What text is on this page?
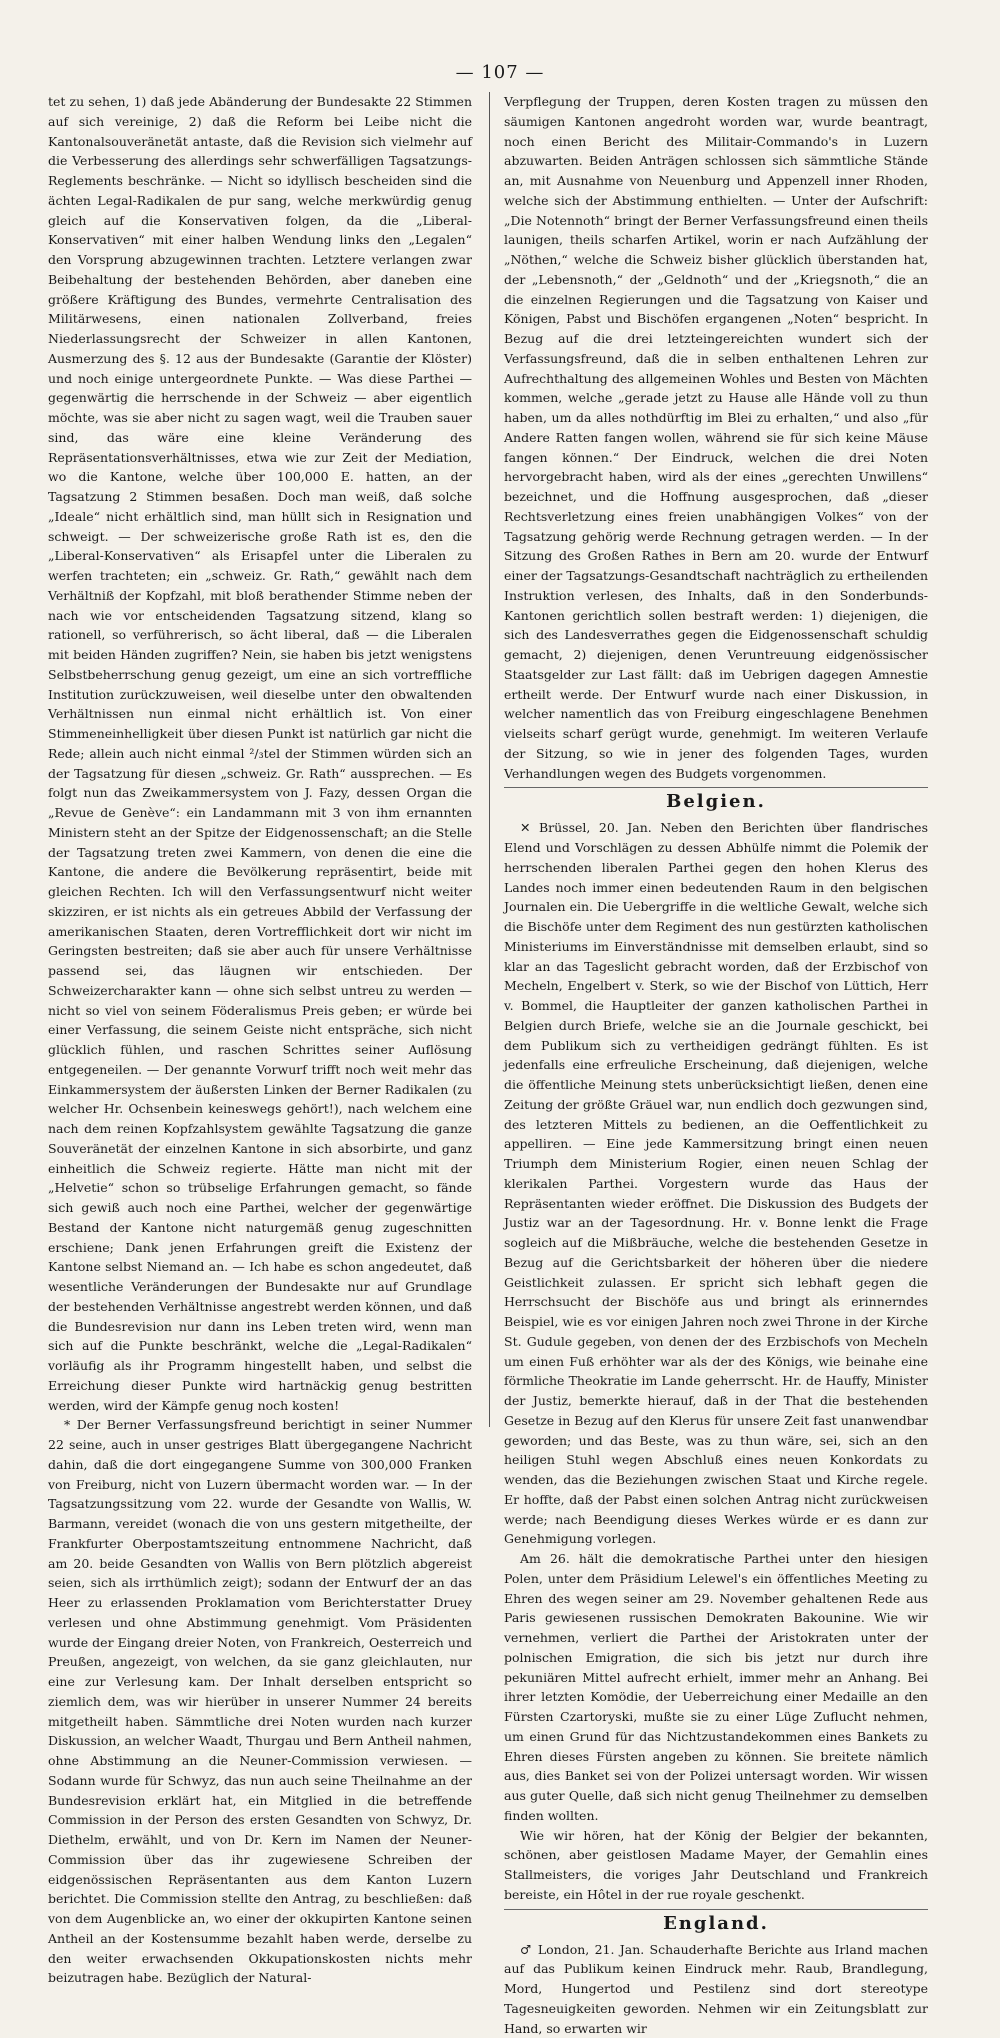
— 107 —

tet zu sehen, 1) daß jede Abänderung der Bundesakte 22 Stimmen auf sich vereinige, 2) daß die Reform bei Leibe nicht die Kantonalsouveränetät antaste, daß die Revision sich vielmehr auf die Verbesserung des allerdings sehr schwerfälligen Tagsatzungs-Reglements beschränke. — Nicht so idyllisch bescheiden sind die ächten Legal-Radikalen de pur sang, welche merkwürdig genug gleich auf die Konservativen folgen, da die „Liberal-Konservativen“ mit einer halben Wendung links den „Legalen“ den Vorsprung abzugewinnen trachten. Letztere verlangen zwar Beibehaltung der bestehenden Behörden, aber daneben eine größere Kräftigung des Bundes, vermehrte Centralisation des Militärwesens, einen nationalen Zollverband, freies Niederlassungsrecht der Schweizer in allen Kantonen, Ausmerzung des §. 12 aus der Bundesakte (Garantie der Klöster) und noch einige untergeordnete Punkte. — Was diese Parthei — gegenwärtig die herrschende in der Schweiz — aber eigentlich möchte, was sie aber nicht zu sagen wagt, weil die Trauben sauer sind, das wäre eine kleine Veränderung des Repräsentationsverhältnisses, etwa wie zur Zeit der Mediation, wo die Kantone, welche über 100,000 E. hatten, an der Tagsatzung 2 Stimmen besaßen. Doch man weiß, daß solche „Ideale“ nicht erhältlich sind, man hüllt sich in Resignation und schweigt. — Der schweizerische große Rath ist es, den die „Liberal-Konservativen“ als Erisapfel unter die Liberalen zu werfen trachteten; ein „schweiz. Gr. Rath,“ gewählt nach dem Verhältniß der Kopfzahl, mit bloß berathender Stimme neben der nach wie vor entscheidenden Tagsatzung sitzend, klang so rationell, so verführerisch, so ächt liberal, daß — die Liberalen mit beiden Händen zugriffen? Nein, sie haben bis jetzt wenigstens Selbstbeherrschung genug gezeigt, um eine an sich vortreffliche Institution zurückzuweisen, weil dieselbe unter den obwaltenden Verhältnissen nun einmal nicht erhältlich ist. Von einer Stimmeneinhelligkeit über diesen Punkt ist natürlich gar nicht die Rede; allein auch nicht einmal ²/₃tel der Stimmen würden sich an der Tagsatzung für diesen „schweiz. Gr. Rath“ aussprechen. — Es folgt nun das Zweikammersystem von J. Fazy, dessen Organ die „Revue de Genève“: ein Landammann mit 3 von ihm ernannten Ministern steht an der Spitze der Eidgenossenschaft; an die Stelle der Tagsatzung treten zwei Kammern, von denen die eine die Kantone, die andere die Bevölkerung repräsentirt, beide mit gleichen Rechten. Ich will den Verfassungsentwurf nicht weiter skizziren, er ist nichts als ein getreues Abbild der Verfassung der amerikanischen Staaten, deren Vortrefflichkeit dort wir nicht im Geringsten bestreiten; daß sie aber auch für unsere Verhältnisse passend sei, das läugnen wir entschieden. Der Schweizercharakter kann — ohne sich selbst untreu zu werden — nicht so viel von seinem Föderalismus Preis geben; er würde bei einer Verfassung, die seinem Geiste nicht entspräche, sich nicht glücklich fühlen, und raschen Schrittes seiner Auflösung entgegeneilen. — Der genannte Vorwurf trifft noch weit mehr das Einkammersystem der äußersten Linken der Berner Radikalen (zu welcher Hr. Ochsenbein keineswegs gehört!), nach welchem eine nach dem reinen Kopfzahlsystem gewählte Tagsatzung die ganze Souveränetät der einzelnen Kantone in sich absorbirte, und ganz einheitlich die Schweiz regierte. Hätte man nicht mit der „Helvetie“ schon so trübselige Erfahrungen gemacht, so fände sich gewiß auch noch eine Parthei, welcher der gegenwärtige Bestand der Kantone nicht naturgemäß genug zugeschnitten erschiene; Dank jenen Erfahrungen greift die Existenz der Kantone selbst Niemand an. — Ich habe es schon angedeutet, daß wesentliche Veränderungen der Bundesakte nur auf Grundlage der bestehenden Verhältnisse angestrebt werden können, und daß die Bundesrevision nur dann ins Leben treten wird, wenn man sich auf die Punkte beschränkt, welche die „Legal-Radikalen“ vorläufig als ihr Programm hingestellt haben, und selbst die Erreichung dieser Punkte wird hartnäckig genug bestritten werden, wird der Kämpfe genug noch kosten!

* Der Berner Verfassungsfreund berichtigt in seiner Nummer 22 seine, auch in unser gestriges Blatt übergegangene Nachricht dahin, daß die dort eingegangene Summe von 300,000 Franken von Freiburg, nicht von Luzern übermacht worden war. — In der Tagsatzungssitzung vom 22. wurde der Gesandte von Wallis, W. Barmann, vereidet (wonach die von uns gestern mitgetheilte, der Frankfurter Oberpostamtszeitung entnommene Nachricht, daß am 20. beide Gesandten von Wallis von Bern plötzlich abgereist seien, sich als irrthümlich zeigt); sodann der Entwurf der an das Heer zu erlassenden Proklamation vom Berichterstatter Druey verlesen und ohne Abstimmung genehmigt. Vom Präsidenten wurde der Eingang dreier Noten, von Frankreich, Oesterreich und Preußen, angezeigt, von welchen, da sie ganz gleichlauten, nur eine zur Verlesung kam. Der Inhalt derselben entspricht so ziemlich dem, was wir hierüber in unserer Nummer 24 bereits mitgetheilt haben. Sämmtliche drei Noten wurden nach kurzer Diskussion, an welcher Waadt, Thurgau und Bern Antheil nahmen, ohne Abstimmung an die Neuner-Commission verwiesen. — Sodann wurde für Schwyz, das nun auch seine Theilnahme an der Bundesrevision erklärt hat, ein Mitglied in die betreffende Commission in der Person des ersten Gesandten von Schwyz, Dr. Diethelm, erwählt, und von Dr. Kern im Namen der Neuner-Commission über das ihr zugewiesene Schreiben der eidgenössischen Repräsentanten aus dem Kanton Luzern berichtet. Die Commission stellte den Antrag, zu beschließen: daß von dem Augenblicke an, wo einer der okkupirten Kantone seinen Antheil an der Kostensumme bezahlt haben werde, derselbe zu den weiter erwachsenden Okkupationskosten nichts mehr beizutragen habe. Bezüglich der Natural-

Verpflegung der Truppen, deren Kosten tragen zu müssen den säumigen Kantonen angedroht worden war, wurde beantragt, noch einen Bericht des Militair-Commando's in Luzern abzuwarten. Beiden Anträgen schlossen sich sämmtliche Stände an, mit Ausnahme von Neuenburg und Appenzell inner Rhoden, welche sich der Abstimmung enthielten. — Unter der Aufschrift: „Die Notennoth“ bringt der Berner Verfassungsfreund einen theils launigen, theils scharfen Artikel, worin er nach Aufzählung der „Nöthen,“ welche die Schweiz bisher glücklich überstanden hat, der „Lebensnoth,“ der „Geldnoth“ und der „Kriegsnoth,“ die an die einzelnen Regierungen und die Tagsatzung von Kaiser und Königen, Pabst und Bischöfen ergangenen „Noten“ bespricht. In Bezug auf die drei letzteingereichten wundert sich der Verfassungsfreund, daß die in selben enthaltenen Lehren zur Aufrechthaltung des allgemeinen Wohles und Besten von Mächten kommen, welche „gerade jetzt zu Hause alle Hände voll zu thun haben, um da alles nothdürftig im Blei zu erhalten,“ und also „für Andere Ratten fangen wollen, während sie für sich keine Mäuse fangen können.“ Der Eindruck, welchen die drei Noten hervorgebracht haben, wird als der eines „gerechten Unwillens“ bezeichnet, und die Hoffnung ausgesprochen, daß „dieser Rechtsverletzung eines freien unabhängigen Volkes“ von der Tagsatzung gehörig werde Rechnung getragen werden. — In der Sitzung des Großen Rathes in Bern am 20. wurde der Entwurf einer der Tagsatzungs-Gesandtschaft nachträglich zu ertheilenden Instruktion verlesen, des Inhalts, daß in den Sonderbunds-Kantonen gerichtlich sollen bestraft werden: 1) diejenigen, die sich des Landesverrathes gegen die Eidgenossenschaft schuldig gemacht, 2) diejenigen, denen Veruntreuung eidgenössischer Staatsgelder zur Last fällt: daß im Uebrigen dagegen Amnestie ertheilt werde. Der Entwurf wurde nach einer Diskussion, in welcher namentlich das von Freiburg eingeschlagene Benehmen vielseits scharf gerügt wurde, genehmigt. Im weiteren Verlaufe der Sitzung, so wie in jener des folgenden Tages, wurden Verhandlungen wegen des Budgets vorgenommen.

Belgien.

✕ Brüssel, 20. Jan. Neben den Berichten über flandrisches Elend und Vorschlägen zu dessen Abhülfe nimmt die Polemik der herrschenden liberalen Parthei gegen den hohen Klerus des Landes noch immer einen bedeutenden Raum in den belgischen Journalen ein. Die Uebergriffe in die weltliche Gewalt, welche sich die Bischöfe unter dem Regiment des nun gestürzten katholischen Ministeriums im Einverständnisse mit demselben erlaubt, sind so klar an das Tageslicht gebracht worden, daß der Erzbischof von Mecheln, Engelbert v. Sterk, so wie der Bischof von Lüttich, Herr v. Bommel, die Hauptleiter der ganzen katholischen Parthei in Belgien durch Briefe, welche sie an die Journale geschickt, bei dem Publikum sich zu vertheidigen gedrängt fühlten. Es ist jedenfalls eine erfreuliche Erscheinung, daß diejenigen, welche die öffentliche Meinung stets unberücksichtigt ließen, denen eine Zeitung der größte Gräuel war, nun endlich doch gezwungen sind, des letzteren Mittels zu bedienen, an die Oeffentlichkeit zu appelliren. — Eine jede Kammersitzung bringt einen neuen Triumph dem Ministerium Rogier, einen neuen Schlag der klerikalen Parthei. Vorgestern wurde das Haus der Repräsentanten wieder eröffnet. Die Diskussion des Budgets der Justiz war an der Tagesordnung. Hr. v. Bonne lenkt die Frage sogleich auf die Mißbräuche, welche die bestehenden Gesetze in Bezug auf die Gerichtsbarkeit der höheren über die niedere Geistlichkeit zulassen. Er spricht sich lebhaft gegen die Herrschsucht der Bischöfe aus und bringt als erinnerndes Beispiel, wie es vor einigen Jahren noch zwei Throne in der Kirche St. Gudule gegeben, von denen der des Erzbischofs von Mecheln um einen Fuß erhöhter war als der des Königs, wie beinahe eine förmliche Theokratie im Lande geherrscht. Hr. de Hauffy, Minister der Justiz, bemerkte hierauf, daß in der That die bestehenden Gesetze in Bezug auf den Klerus für unsere Zeit fast unanwendbar geworden; und das Beste, was zu thun wäre, sei, sich an den heiligen Stuhl wegen Abschluß eines neuen Konkordats zu wenden, das die Beziehungen zwischen Staat und Kirche regele. Er hoffte, daß der Pabst einen solchen Antrag nicht zurückweisen werde; nach Beendigung dieses Werkes würde er es dann zur Genehmigung vorlegen.

Am 26. hält die demokratische Parthei unter den hiesigen Polen, unter dem Präsidium Lelewel's ein öffentliches Meeting zu Ehren des wegen seiner am 29. November gehaltenen Rede aus Paris gewiesenen russischen Demokraten Bakounine. Wie wir vernehmen, verliert die Parthei der Aristokraten unter der polnischen Emigration, die sich bis jetzt nur durch ihre pekuniären Mittel aufrecht erhielt, immer mehr an Anhang. Bei ihrer letzten Komödie, der Ueberreichung einer Medaille an den Fürsten Czartoryski, mußte sie zu einer Lüge Zuflucht nehmen, um einen Grund für das Nichtzustandekommen eines Bankets zu Ehren dieses Fürsten angeben zu können. Sie breitete nämlich aus, dies Banket sei von der Polizei untersagt worden. Wir wissen aus guter Quelle, daß sich nicht genug Theilnehmer zu demselben finden wollten.

Wie wir hören, hat der König der Belgier der bekannten, schönen, aber geistlosen Madame Mayer, der Gemahlin eines Stallmeisters, die voriges Jahr Deutschland und Frankreich bereiste, ein Hôtel in der rue royale geschenkt.

England.

♂ London, 21. Jan. Schauderhafte Berichte aus Irland machen auf das Publikum keinen Eindruck mehr. Raub, Brandlegung, Mord, Hungertod und Pestilenz sind dort stereotype Tagesneuigkeiten geworden. Nehmen wir ein Zeitungsblatt zur Hand, so erwarten wir
